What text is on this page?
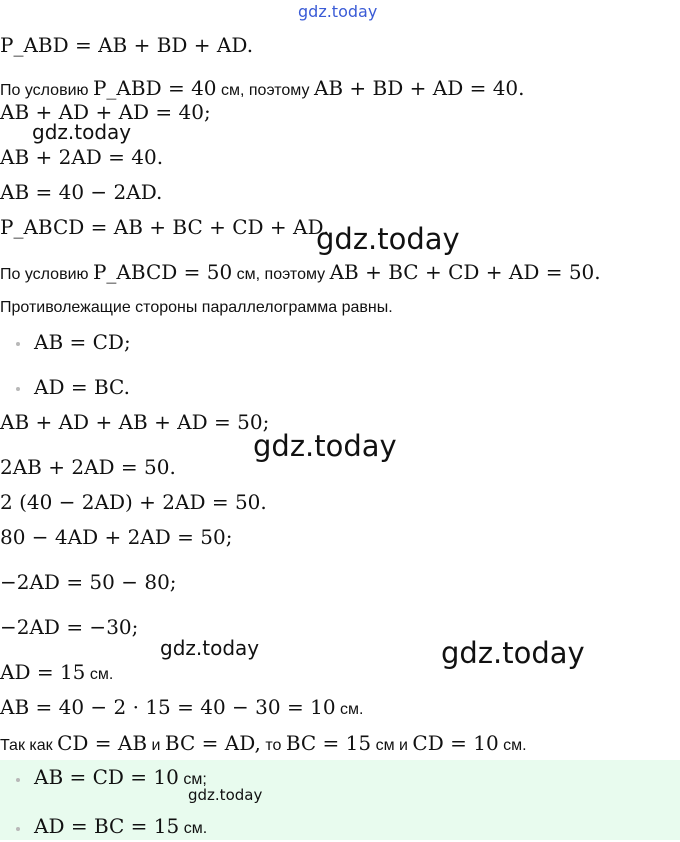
P_ABD = AB + BD + AD.
По условию P_ABD = 40 см, поэтому AB + BD + AD = 40.
AB + AD + AD = 40;
AB + 2AD = 40.
AB = 40 − 2AD.
P_ABCD = AB + BC + CD + AD.
По условию P_ABCD = 50 см, поэтому AB + BC + CD + AD = 50.
Противолежащие стороны параллелограмма равны.
AB = CD;
AD = BC.
AB + AD + AB + AD = 50;
2AB + 2AD = 50.
2 (40 − 2AD) + 2AD = 50.
80 − 4AD + 2AD = 50;
−2AD = 50 − 80;
−2AD = −30;
AD = 15 см.
AB = 40 − 2 · 15 = 40 − 30 = 10 см.
Так как CD = AB и BC = AD, то BC = 15 см и CD = 10 см.
AB = CD = 10 см;
AD = BC = 15 см.
gdz.today
gdz.today
gdz.today
gdz.today
gdz.today	gdz.today
gdz.today
